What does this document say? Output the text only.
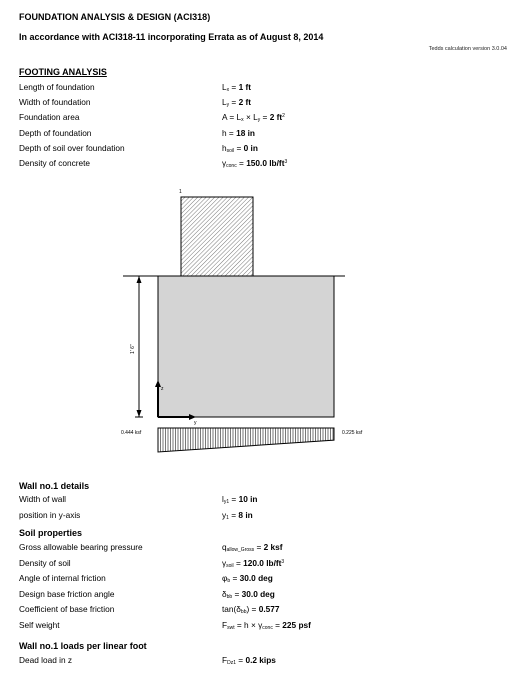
FOUNDATION ANALYSIS & DESIGN (ACI318)
In accordance with ACI318-11 incorporating Errata as of August 8, 2014
Tedds calculation version 3.0.04
FOOTING ANALYSIS
Length of foundation	$L_x = 1$ ft
Width of foundation	$L_y = 2$ ft
Foundation area	$A = L_x \times L_y = 2$ $ft^2$
Depth of foundation	h = 18 in
Depth of soil over foundation	$h_{soil} = 0$ in
Density of concrete	$\gamma_{conc} = 150.0$ $lb/ft^3$
1
1' 6"
z
y
0.444 ksf	0.225 ksf
Wall no.1 details
Width of wall	$l_{y1} = 10$ in
position in y-axis	$y_1 = 8$ in
Soil properties
Gross allowable bearing pressure	$q_{allow\_Gross} = 2$ ksf
Density of soil	$\gamma_{soil} = 120.0$ $lb/ft^3$
Angle of internal friction	$\varphi_b = 30.0$ deg
Design base friction angle	$\delta_{bb} = 30.0$ deg
Coefficient of base friction	$\tan(\delta_{bb}) = 0.577$
Self weight	$F_{swt} = h \times \gamma_{conc} = 225$ psf
Wall no.1 loads per linear foot
Dead load in z	$F_{Dz1} = 0.2$ kips
